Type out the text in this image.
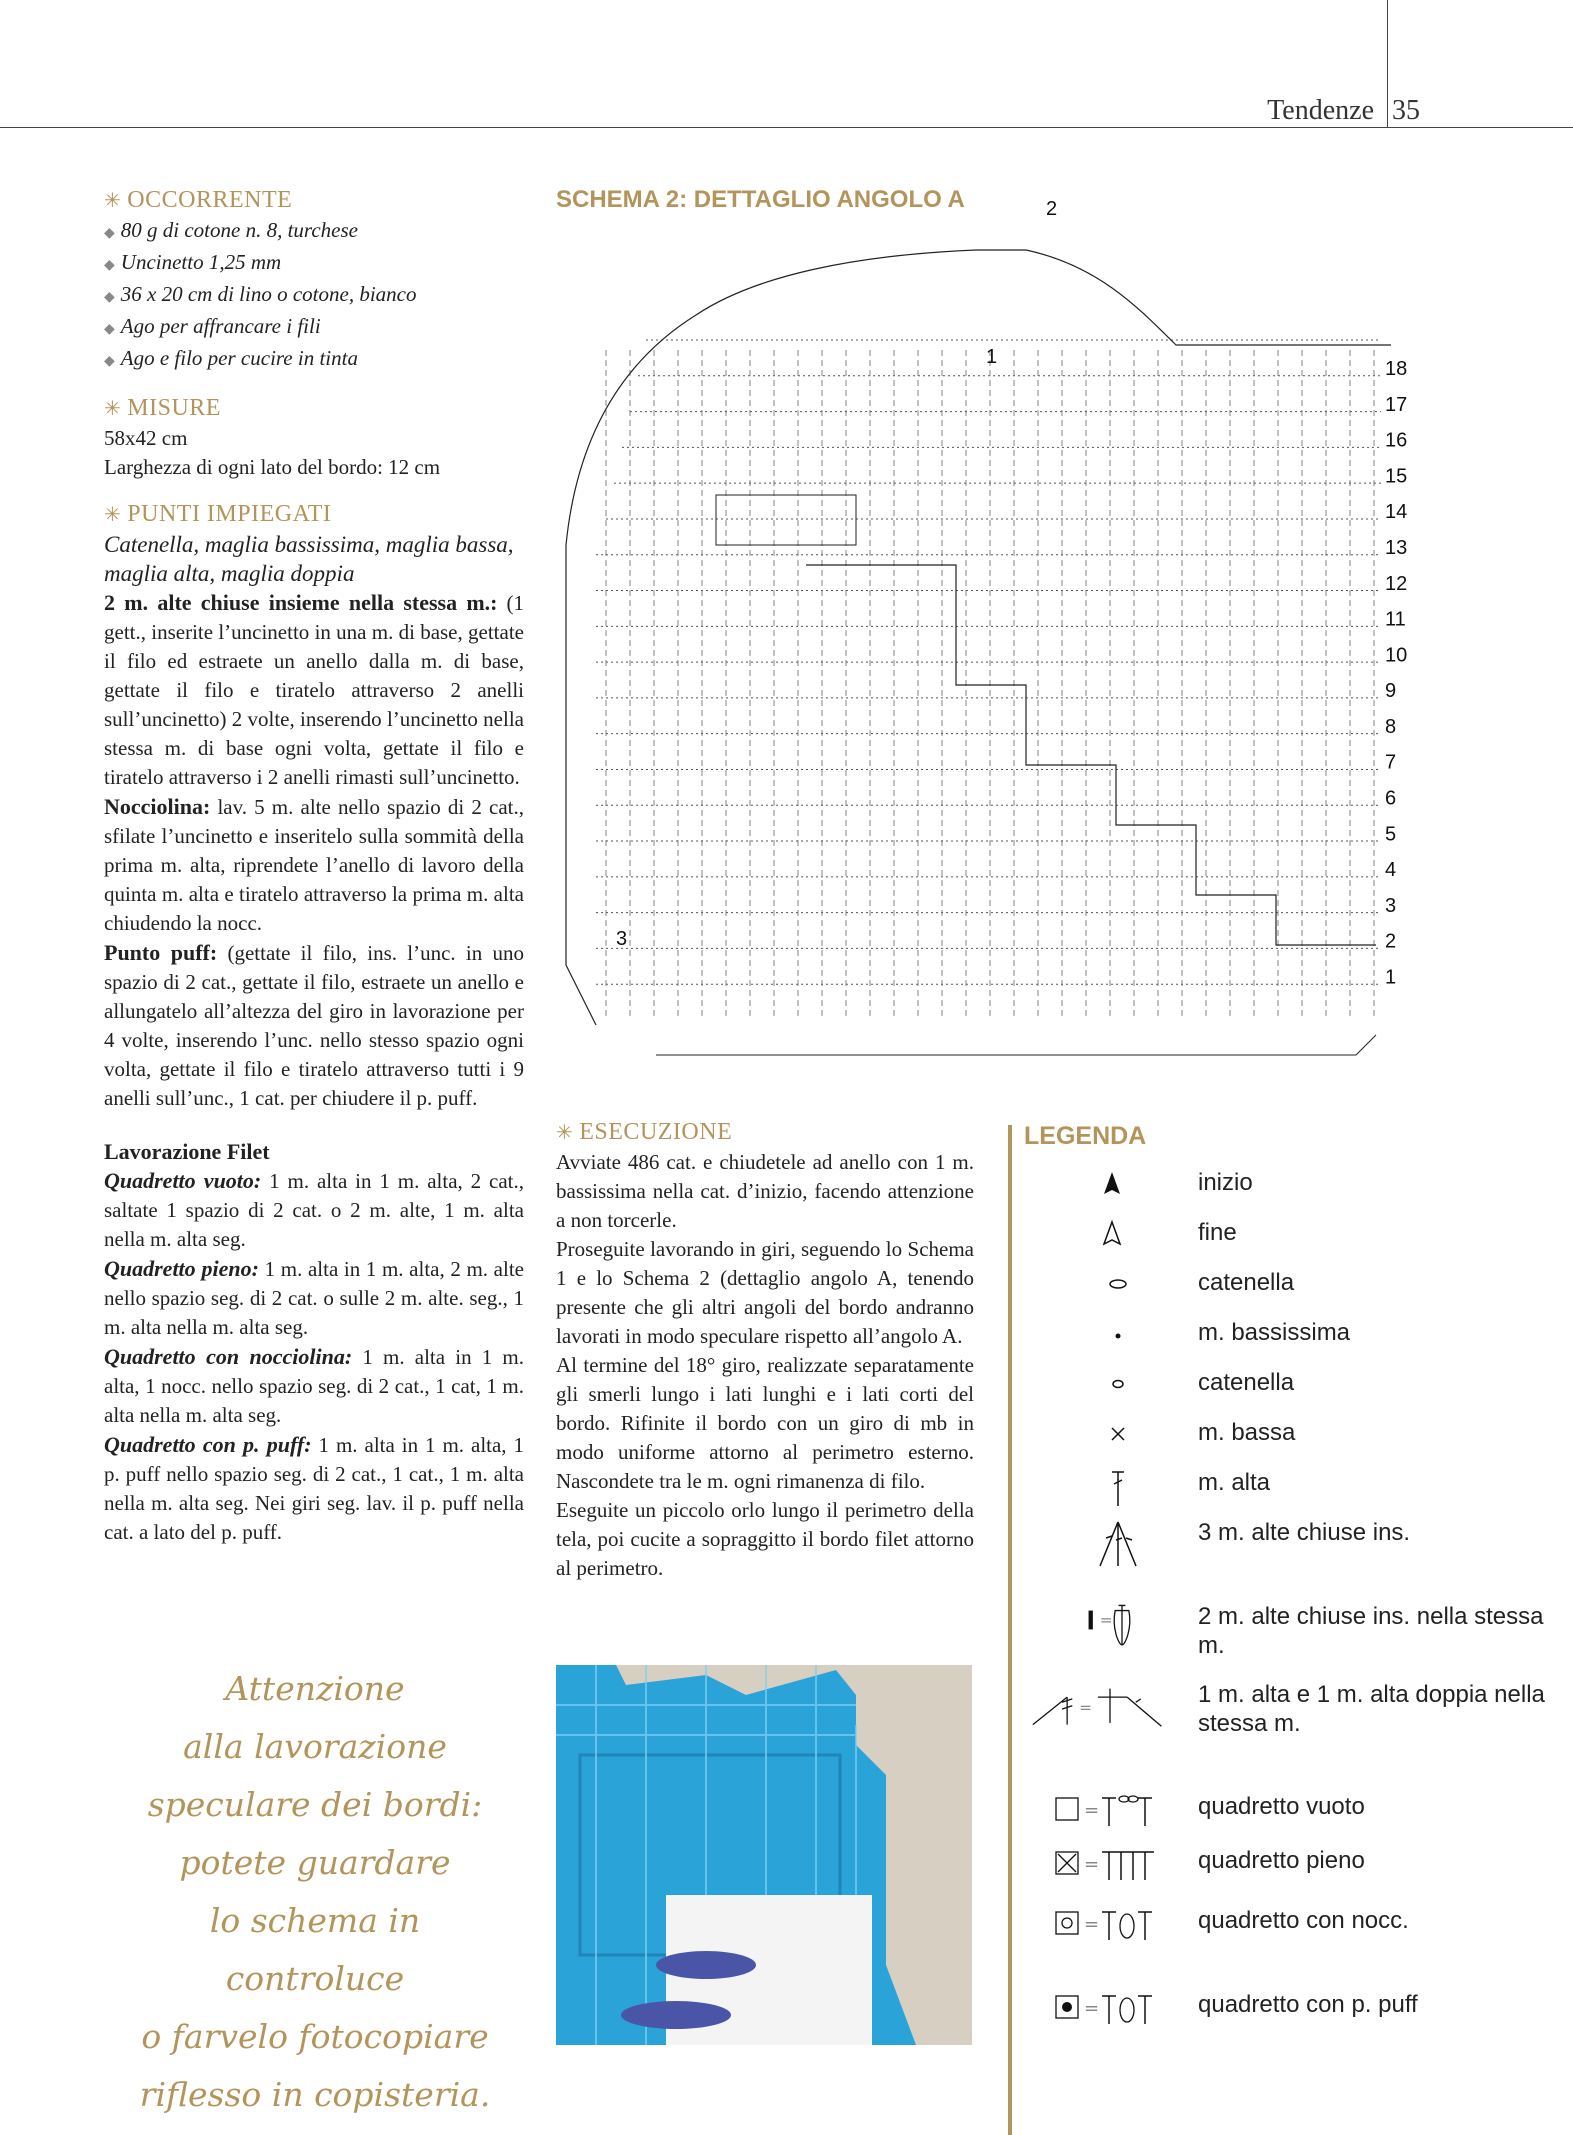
Tendenze 35

✳ OCCORRENTE

◆ 80 g di cotone n. 8, turchese
◆ Uncinetto 1,25 mm
◆ 36 x 20 cm di lino o cotone, bianco
◆ Ago per affrancare i fili
◆ Ago e filo per cucire in tinta

✳ MISURE

58x42 cm
Larghezza di ogni lato del bordo: 12 cm

✳ PUNTI IMPIEGATI

Catenella, maglia bassissima, maglia bassa, maglia alta, maglia doppia
2 m. alte chiuse insieme nella stessa m.: (1 gett., inserite l’uncinetto in una m. di base, gettate il filo ed estraete un anello dalla m. di base, gettate il filo e tiratelo attraverso 2 anelli sull’uncinetto) 2 volte, inserendo l’uncinetto nella stessa m. di base ogni volta, gettate il filo e tiratelo attraverso i 2 anelli rimasti sull’uncinetto.
Nocciolina: lav. 5 m. alte nello spazio di 2 cat., sfilate l’uncinetto e inseritelo sulla sommità della prima m. alta, riprendete l’anello di lavoro della quinta m. alta e tiratelo attraverso la prima m. alta chiudendo la nocc.
Punto puff: (gettate il filo, ins. l’unc. in uno spazio di 2 cat., gettate il filo, estraete un anello e allungatelo all’altezza del giro in lavorazione per 4 volte, inserendo l’unc. nello stesso spazio ogni volta, gettate il filo e tiratelo attraverso tutti i 9 anelli sull’unc., 1 cat. per chiudere il p. puff.
Lavorazione Filet
Quadretto vuoto: 1 m. alta in 1 m. alta, 2 cat., saltate 1 spazio di 2 cat. o 2 m. alte, 1 m. alta nella m. alta seg.
Quadretto pieno: 1 m. alta in 1 m. alta, 2 m. alte nello spazio seg. di 2 cat. o sulle 2 m. alte. seg., 1 m. alta nella m. alta seg.
Quadretto con nocciolina: 1 m. alta in 1 m. alta, 1 nocc. nello spazio seg. di 2 cat., 1 cat, 1 m. alta nella m. alta seg.
Quadretto con p. puff: 1 m. alta in 1 m. alta, 1 p. puff nello spazio seg. di 2 cat., 1 cat., 1 m. alta nella m. alta seg. Nei giri seg. lav. il p. puff nella cat. a lato del p. puff.
Attenzione
alla lavorazione
speculare dei bordi:
potete guardare
lo schema in controluce
o farvelo fotocopiare
riflesso in copisteria.
SCHEMA 2: DETTAGLIO ANGOLO A
18
17
16
15
14
13
12
11
10
9
8
7
6
5
4
3
2
1
1
2
3

✳ ESECUZIONE

Avviate 486 cat. e chiudetele ad anello con 1 m. bassissima nella cat. d’inizio, facendo attenzione a non torcerle.
Proseguite lavorando in giri, seguendo lo Schema 1 e lo Schema 2 (dettaglio angolo A, tenendo presente che gli altri angoli del bordo andranno lavorati in modo speculare rispetto all’angolo A.
Al termine del 18° giro, realizzate separatamente gli smerli lungo i lati lunghi e i lati corti del bordo. Rifinite il bordo con un giro di mb in modo uniforme attorno al perimetro esterno. Nascondete tra le m. ogni rimanenza di filo.
Eseguite un piccolo orlo lungo il perimetro della tela, poi cucite a sopraggitto il bordo filet attorno al perimetro.
LEGENDA
inizio
fine
catenella
m. bassissima
catenella
m. bassa
m. alta
3 m. alte chiuse ins.
=	2 m. alte chiuse ins. nella stessa m.
=	1 m. alta e 1 m. alta doppia nella stessa m.
=	quadretto vuoto
=	quadretto pieno
=	quadretto con nocc.
=	quadretto con p. puff
